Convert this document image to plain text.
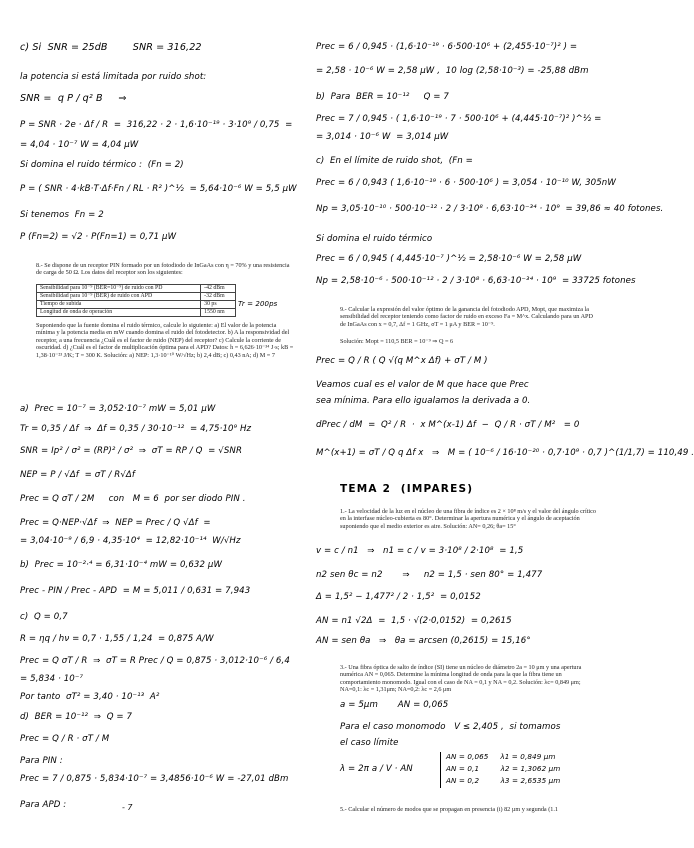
c) Si  SNR = 25dB        SNR = 316,22
la potencia si está limitada por ruido shot:
SNR =  q P / q² B     ⇒
P = SNR · 2e · Δf / R  =  316,22 · 2 · 1,6·10⁻¹⁹ · 3·10⁹ / 0,75  =
= 4,04 · 10⁻⁷ W = 4,04 μW
Si domina el ruido térmico :  (Fn = 2)
P = ( SNR · 4·kB·T·Δf·Fn / RL · R² )^½  = 5,64·10⁻⁶ W = 5,5 μW
Si tenemos  Fn = 2
P (Fn=2) = √2 · P(Fn=1) = 0,71 μW
8.- Se dispone de un receptor PIN formado por un fotodiodo de InGaAs con η = 70% y una resistencia de carga de 50 Ω. Los datos del receptor son los siguientes:
Sensibilidad para 10⁻⁹ (BER=10⁻⁹) de ruido con PD	-42 dBm
Sensibilidad para 10⁻⁹ (BER) de ruido con APD	-32 dBm
Tiempo de subida	30 ps
Longitud de onda de operación	1550 nm
Tr = 200ps
Suponiendo que la fuente domina el ruido térmico, calcule lo siguiente: a) El valor de la potencia mínima y la potencia media en mW cuando domina el ruido del fotodetector. b) A la responsividad del receptor, a una frecuencia ¿Cuál es el factor de ruido (NEP) del receptor? c) Calcule la corriente de oscuridad. d) ¿Cuál es el factor de multiplicación óptima para el APD? Datos: h = 6,626·10⁻³⁴ J·s; kB = 1,38·10⁻²³ J/K; T = 300 K. Solución: a) NEP: 1,3·10⁻¹⁰ W/√Hz; b) 2,4 dB; c) 0,43 nA; d) M = 7
a)  Prec = 10⁻⁷ = 3,052·10⁻⁷ mW = 5,01 μW
Tr = 0,35 / Δf  ⇒  Δf = 0,35 / 30·10⁻¹²  = 4,75·10⁹ Hz
SNR = Ip² / σ² = (RP)² / σ²  ⇒  σT = RP / Q  = √SNR
NEP = P / √Δf  = σT / R√Δf
Prec = Q σT / 2M     con   M = 6  por ser diodo PIN .
Prec = Q·NEP·√Δf  ⇒  NEP = Prec / Q √Δf  =
= 3,04·10⁻⁹ / 6,9 · 4,35·10⁴  = 12,82·10⁻¹⁴  W/√Hz
b)  Prec = 10⁻²·⁴ = 6,31·10⁻⁴ mW = 0,632 μW
Prec - PIN / Prec - APD  = M = 5,011 / 0,631 = 7,943
c)  Q = 0,7
R = ηq / hν = 0,7 · 1,55 / 1,24  = 0,875 A/W
Prec = Q σT / R  ⇒  σT = R Prec / Q = 0,875 · 3,012·10⁻⁶ / 6,4
= 5,834 · 10⁻⁷
Por tanto  σT² = 3,40 · 10⁻¹³  A²
d)  BER = 10⁻¹²  ⇒  Q = 7
Prec = Q / R · σT / M
Para PIN :
Prec = 7 / 0,875 · 5,834·10⁻⁷ = 3,4856·10⁻⁶ W = -27,01 dBm
Para APD :	- 7
Prec = 6 / 0,945 · (1,6·10⁻¹⁹ · 6·500·10⁶ + (2,455·10⁻⁷)² ) =
= 2,58 · 10⁻⁶ W = 2,58 μW ,  10 log (2,58·10⁻³) = -25,88 dBm
b)  Para  BER = 10⁻¹²     Q = 7
Prec = 7 / 0,945 · ( 1,6·10⁻¹⁹ · 7 · 500·10⁶ + (4,445·10⁻⁷)² )^½ =
= 3,014 · 10⁻⁶ W  = 3,014 μW
c)  En el límite de ruido shot,  (Fn =
Prec = 6 / 0,943 ( 1,6·10⁻¹⁹ · 6 · 500·10⁶ ) = 3,054 · 10⁻¹⁰ W, 305nW
Np = 3,05·10⁻¹⁰ · 500·10⁻¹² · 2 / 3·10⁸ · 6,63·10⁻³⁴ · 10⁹  = 39,86 ≈ 40 fotones.
Si domina el ruido térmico
Prec = 6 / 0,945 ( 4,445·10⁻⁷ )^½ = 2,58·10⁻⁶ W = 2,58 μW
Np = 2,58·10⁻⁶ · 500·10⁻¹² · 2 / 3·10⁸ · 6,63·10⁻³⁴ · 10⁹  = 33725 fotones
9.- Calcular la expresión del valor óptimo de la ganancia del fotodiodo APD, Mopt, que maximiza la sensibilidad del receptor teniendo como factor de ruido en exceso Fa = M^x. Calculando para un APD de InGaAs con x = 0,7, Δf = 1 GHz, σT = 1 μA y BER = 10⁻⁹.
Solución: Mopt = 110,5 BER = 10⁻⁹ ⇒ Q = 6
Prec = Q / R ( Q √(q M^x Δf) + σT / M )
Veamos cual es el valor de M que hace que Prec
sea mínima. Para ello igualamos la derivada a 0.
dPrec / dM  =  Q² / R  ·  x M^(x-1) Δf  −  Q / R · σT / M²   = 0
M^(x+1) = σT / Q q Δf x   ⇒   M = ( 10⁻⁶ / 16·10⁻²⁰ · 0,7·10⁹ · 0,7 )^(1/1,7) = 110,49 .
TEMA 2  (IMPARES)
1.- La velocidad de la luz en el núcleo de una fibra de índice es 2 × 10⁸ m/s y el valor del ángulo crítico en la interfase núcleo-cubierta es 80°. Determinar la apertura numérica y el ángulo de aceptación suponiendo que el medio exterior es aire. Solución: AN= 0,26; θa= 15°
v = c / n1   ⇒   n1 = c / v = 3·10⁸ / 2·10⁸  = 1,5
n2 sen θc = n2       ⇒     n2 = 1,5 · sen 80° = 1,477
Δ = 1,5² − 1,477² / 2 · 1,5²  = 0,0152
AN = n1 √2Δ  =  1,5 · √(2·0,0152)  = 0,2615
AN = sen θa   ⇒   θa = arcsen (0,2615) = 15,16°
3.- Una fibra óptica de salto de índice (SI) tiene un núcleo de diámetro 2a = 10 μm y una apertura numérica AN = 0,065. Determine la mínima longitud de onda para la que la fibra tiene un comportamiento monomodo. Igual con el caso de NA = 0,1 y NA = 0,2. Solución: λc= 0,849 μm; NA=0,1: λc = 1,31μm; NA=0,2: λc = 2,6 μm
a = 5μm       AN = 0,065
Para el caso monomodo   V ≤ 2,405 ,  si tomamos
el caso límite
λ = 2π a / V · AN
AN = 0,065     λ1 = 0,849 μm
AN = 0,1         λ2 = 1,3062 μm
AN = 0,2         λ3 = 2,6535 μm
5.- Calcular el número de modos que se propagan en presencia (i) 82 µm y segunda (1.1
